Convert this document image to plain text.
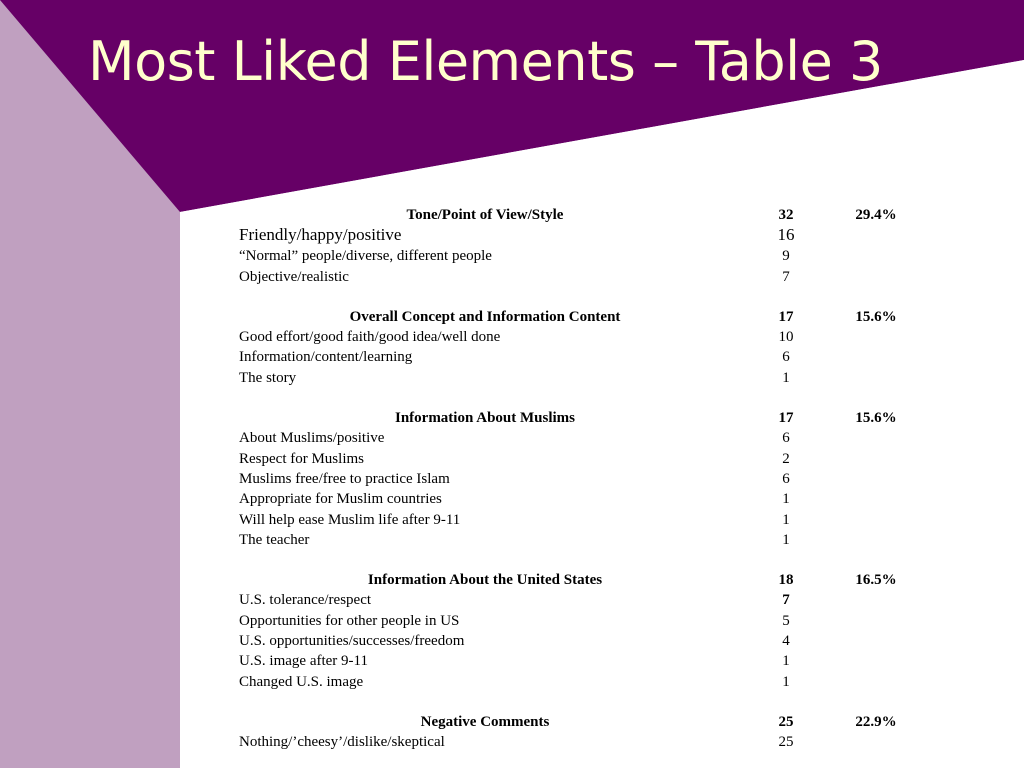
Most Liked Elements – Table 3
Tone/Point of View/Style	32	29.4%
Friendly/happy/positive	16
“Normal” people/diverse, different people	9
Objective/realistic	7
Overall Concept and Information Content	17	15.6%
Good effort/good faith/good idea/well done	10
Information/content/learning	6
The story	1
Information About Muslims	17	15.6%
About Muslims/positive	6
Respect for Muslims	2
Muslims free/free to practice Islam	6
Appropriate for Muslim countries	1
Will help ease Muslim life after 9-11	1
The teacher	1
Information About the United States	18	16.5%
U.S. tolerance/respect	7
Opportunities for other people in US	5
U.S. opportunities/successes/freedom	4
U.S. image after 9-11	1
Changed U.S. image	1
Negative Comments	25	22.9%
Nothing/’cheesy’/dislike/skeptical	25
